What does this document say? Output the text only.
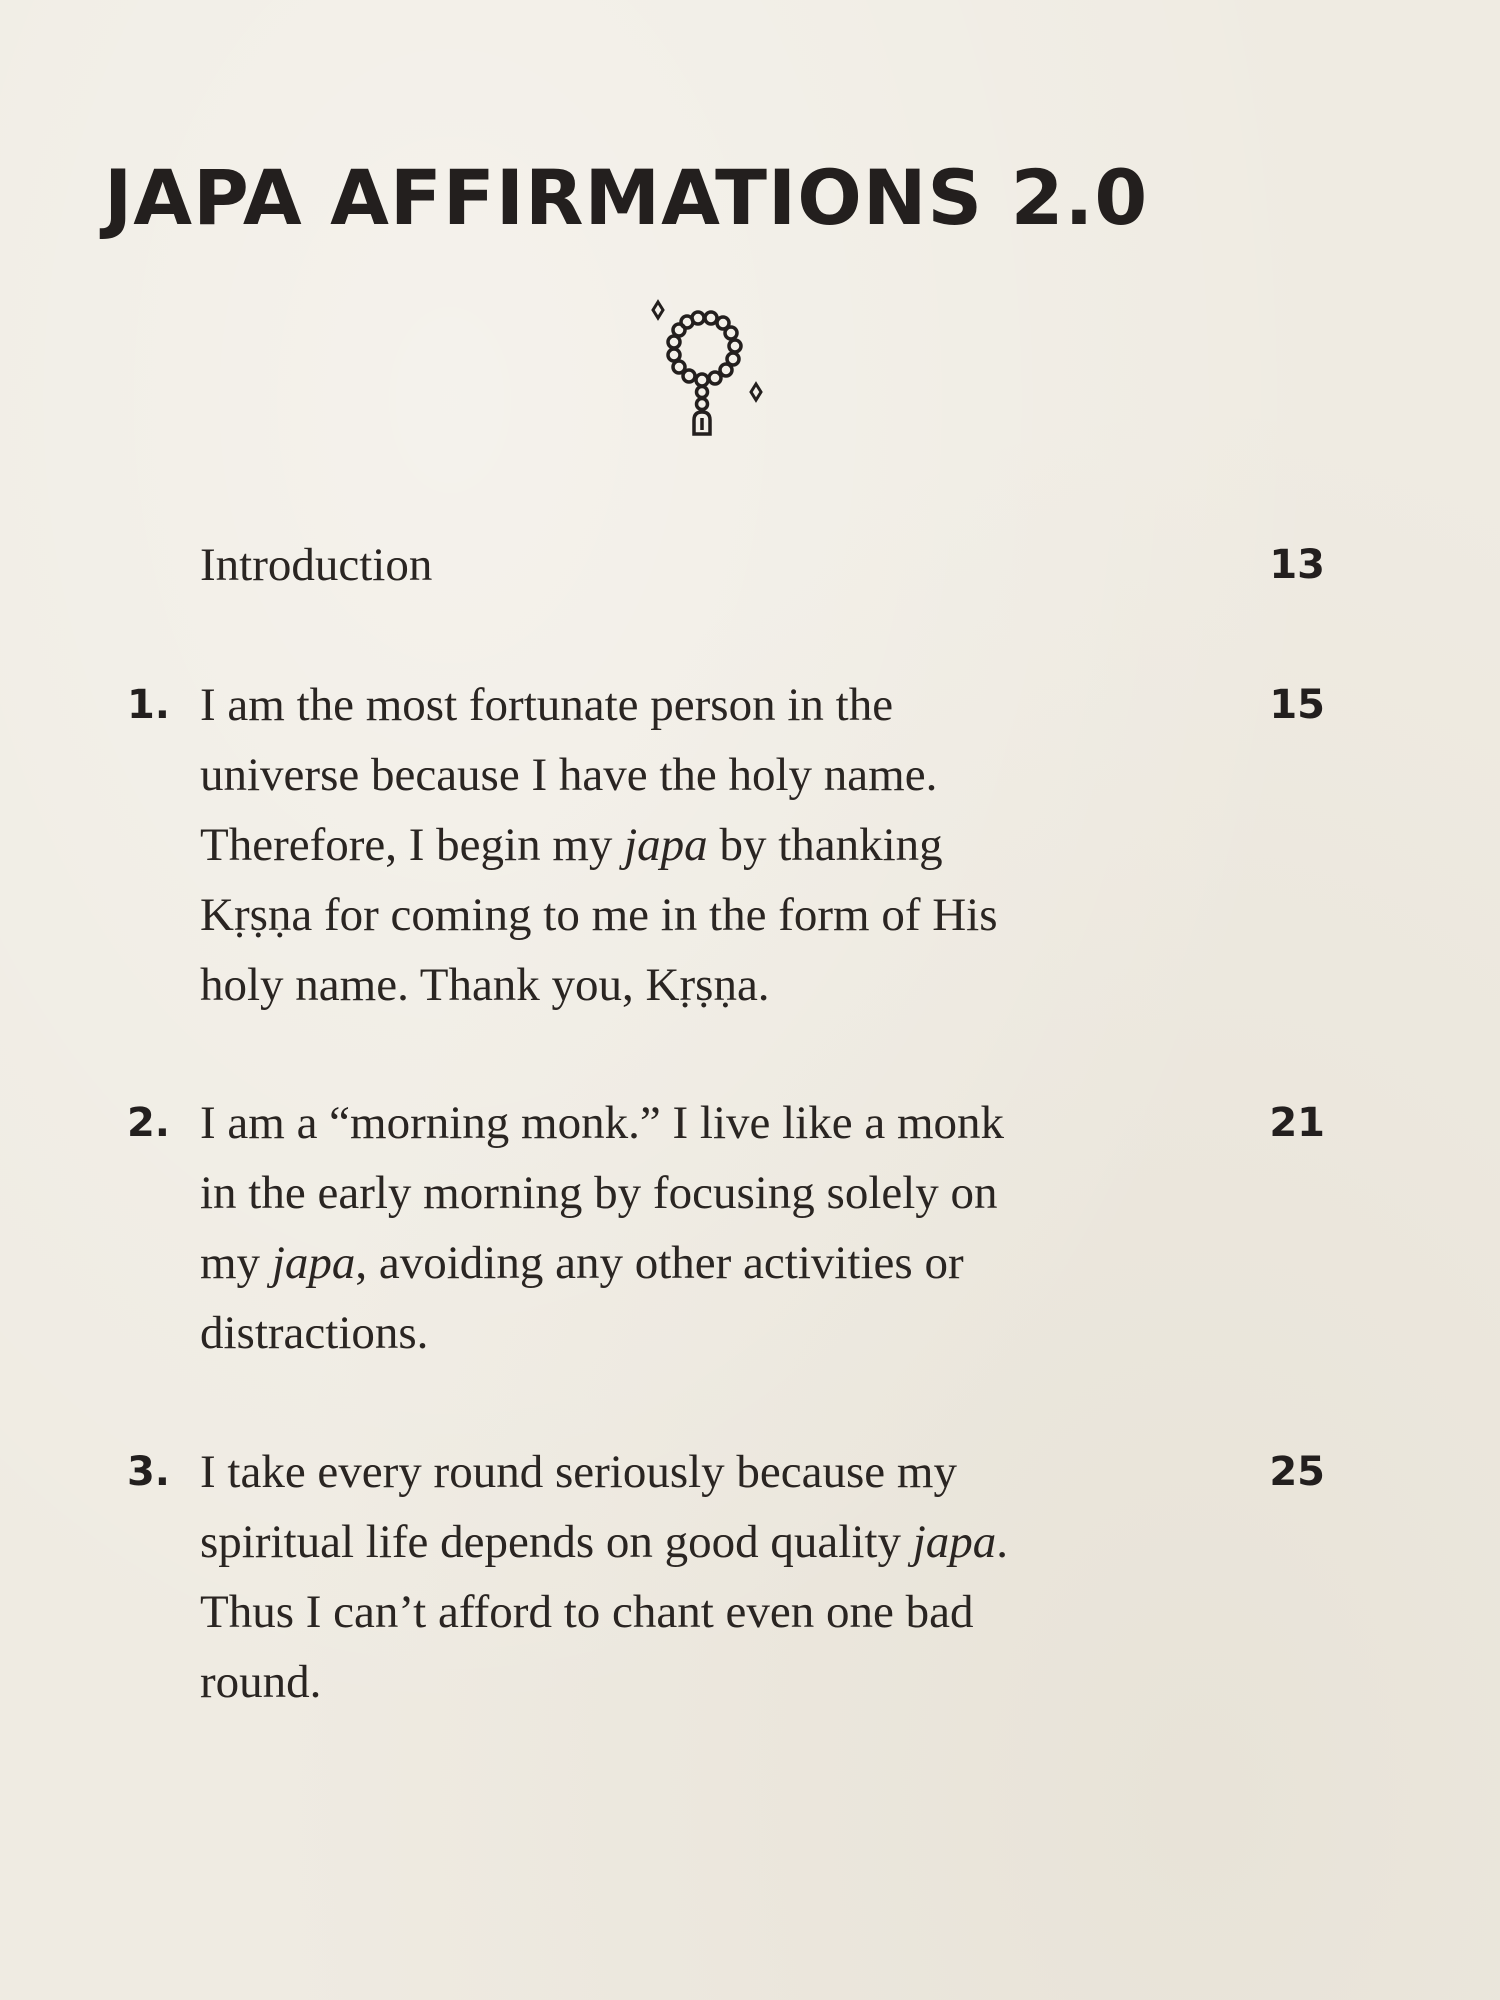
JAPA AFFIRMATIONS 2.0
Introduction	13
1. I am the most fortunate person in the
universe because I have the holy name.
Therefore, I begin my japa by thanking
Kṛṣṇa for coming to me in the form of His
holy name. Thank you, Kṛṣṇa.
15
2. I am a “morning monk.” I live like a monk
in the early morning by focusing solely on
my japa, avoiding any other activities or
distractions.
21
3. I take every round seriously because my
spiritual life depends on good quality japa.
Thus I can’t afford to chant even one bad
round.
25
